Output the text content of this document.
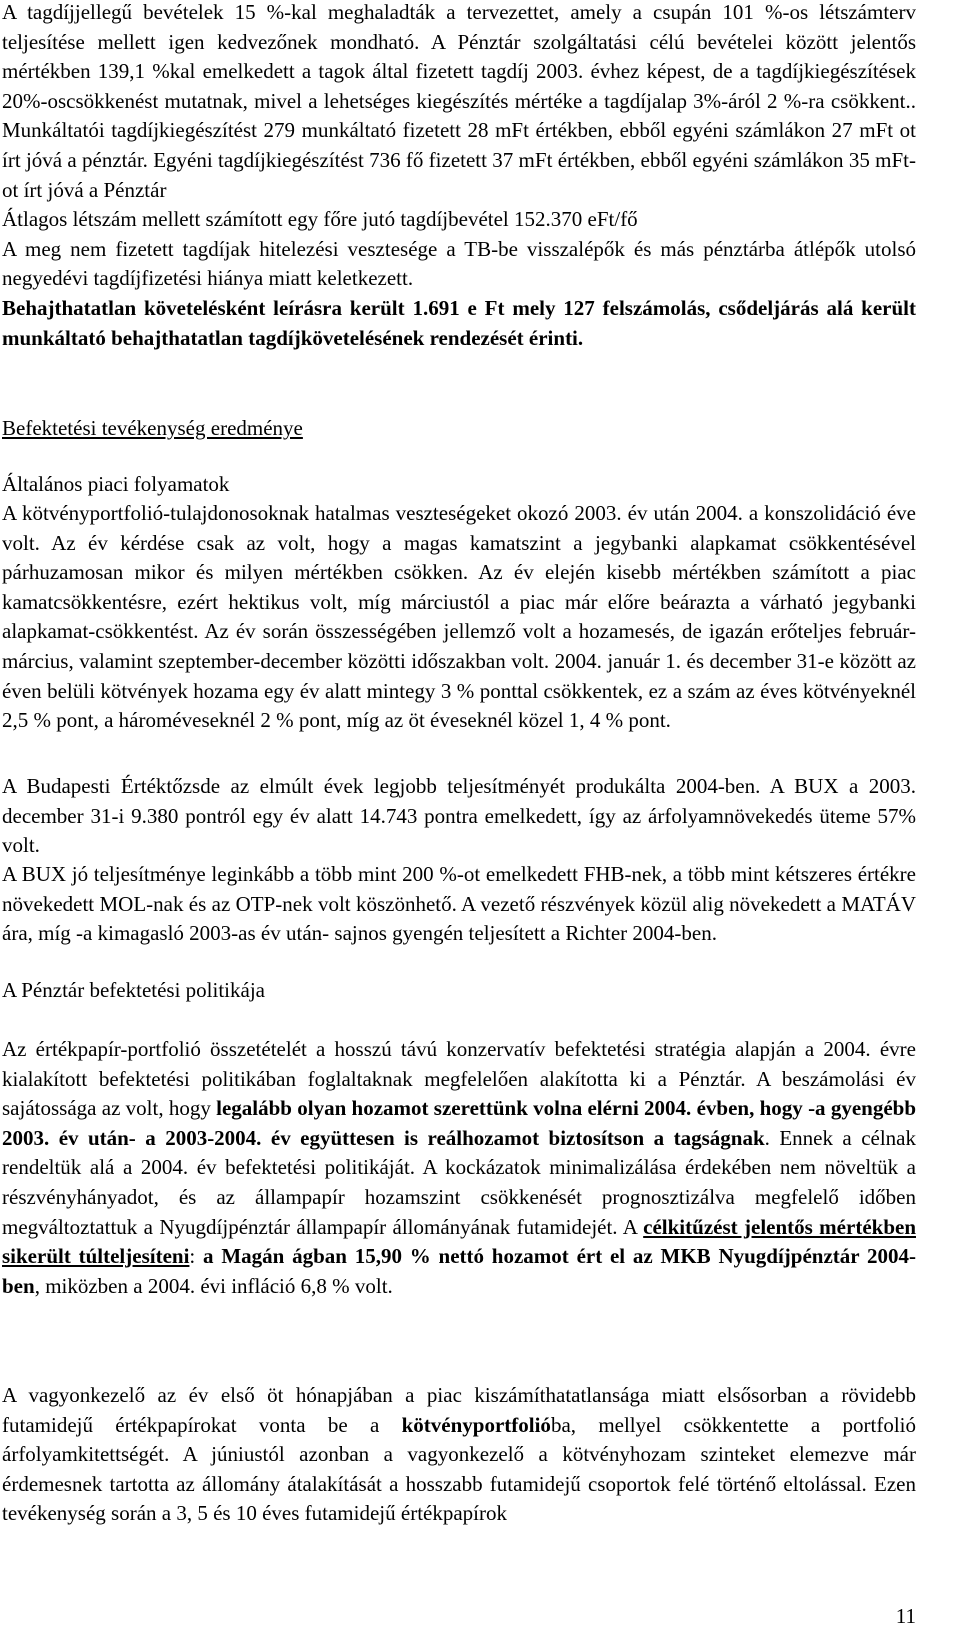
A tagdíjjellegű bevételek 15 %-kal meghaladták a tervezettet, amely a csupán 101 %-os létszámterv teljesítése mellett igen kedvezőnek mondható. A Pénztár szolgáltatási célú bevételei között jelentős mértékben 139,1 %kal emelkedett a tagok által fizetett tagdíj 2003. évhez képest, de a tagdíjkiegészítések 20%-oscsökkenést mutatnak, mivel a lehetséges kiegészítés mértéke a tagdíjalap 3%-áról 2 %-ra csökkent.. Munkáltatói tagdíjkiegészítést 279 munkáltató fizetett 28 mFt értékben, ebből egyéni számlákon 27 mFt ot írt jóvá a pénztár. Egyéni tagdíjkiegészítést 736 fő fizetett 37 mFt értékben, ebből egyéni számlákon 35 mFt-ot írt jóvá a Pénztár
Átlagos létszám mellett számított egy főre jutó tagdíjbevétel 152.370 eFt/fő
A meg nem fizetett tagdíjak hitelezési vesztesége a TB-be visszalépők és más pénztárba átlépők utolsó negyedévi tagdíjfizetési hiánya miatt keletkezett.
Behajthatatlan követelésként leírásra került 1.691 e Ft mely 127 felszámolás, csődeljárás alá került munkáltató behajthatatlan tagdíjkövetelésének rendezését érinti.

Befektetési tevékenység eredménye

Általános piaci folyamatok

A kötvényportfolió-tulajdonosoknak hatalmas veszteségeket okozó 2003. év után 2004. a konszolidáció éve volt. Az év kérdése csak az volt, hogy a magas kamatszint a jegybanki alapkamat csökkentésével párhuzamosan mikor és milyen mértékben csökken. Az év elején kisebb mértékben számított a piac kamatcsökkentésre, ezért hektikus volt, míg márciustól a piac már előre beárazta a várható jegybanki alapkamat-csökkentést. Az év során összességében jellemző volt a hozamesés, de igazán erőteljes február-március, valamint szeptember-december közötti időszakban volt. 2004. január 1. és december 31-e között az éven belüli kötvények hozama egy év alatt mintegy 3 % ponttal csökkentek, ez a szám az éves kötvényeknél 2,5 % pont, a hároméveseknél 2 % pont, míg az öt éveseknél közel 1, 4 % pont.

A Budapesti Értéktőzsde az elmúlt évek legjobb teljesítményét produkálta 2004-ben. A BUX a 2003. december 31-i 9.380 pontról egy év alatt 14.743 pontra emelkedett, így az árfolyamnövekedés üteme 57% volt.

A BUX jó teljesítménye leginkább a több mint 200 %-ot emelkedett FHB-nek, a több mint kétszeres értékre növekedett MOL-nak és az OTP-nek volt köszönhető. A vezető részvények közül alig növekedett a MATÁV ára, míg -a kimagasló 2003-as év után- sajnos gyengén teljesített a Richter 2004-ben.

A Pénztár befektetési politikája

Az értékpapír-portfolió összetételét a hosszú távú konzervatív befektetési stratégia alapján a 2004. évre kialakított befektetési politikában foglaltaknak megfelelően alakította ki a Pénztár. A beszámolási év sajátossága az volt, hogy legalább olyan hozamot szerettünk volna elérni 2004. évben, hogy -a gyengébb 2003. év után- a 2003-2004. év együttesen is reálhozamot biztosítson a tagságnak. Ennek a célnak rendeltük alá a 2004. év befektetési politikáját. A kockázatok minimalizálása érdekében nem növeltük a részvényhányadot, és az állampapír hozamszint csökkenését prognosztizálva megfelelő időben megváltoztattuk a Nyugdíjpénztár állampapír állományának futamidejét. A célkitűzést jelentős mértékben sikerült túlteljesíteni: a Magán ágban 15,90 % nettó hozamot ért el az MKB Nyugdíjpénztár 2004-ben, miközben a 2004. évi infláció 6,8 % volt.

A vagyonkezelő az év első öt hónapjában a piac kiszámíthatatlansága miatt elsősorban a rövidebb futamidejű értékpapírokat vonta be a kötvényportfolióba, mellyel csökkentette a portfolió árfolyamkitettségét. A júniustól azonban a vagyonkezelő a kötvényhozam szinteket elemezve már érdemesnek tartotta az állomány átalakítását a hosszabb futamidejű csoportok felé történő eltolással. Ezen tevékenység során a 3, 5 és 10 éves futamidejű értékpapírok

11
